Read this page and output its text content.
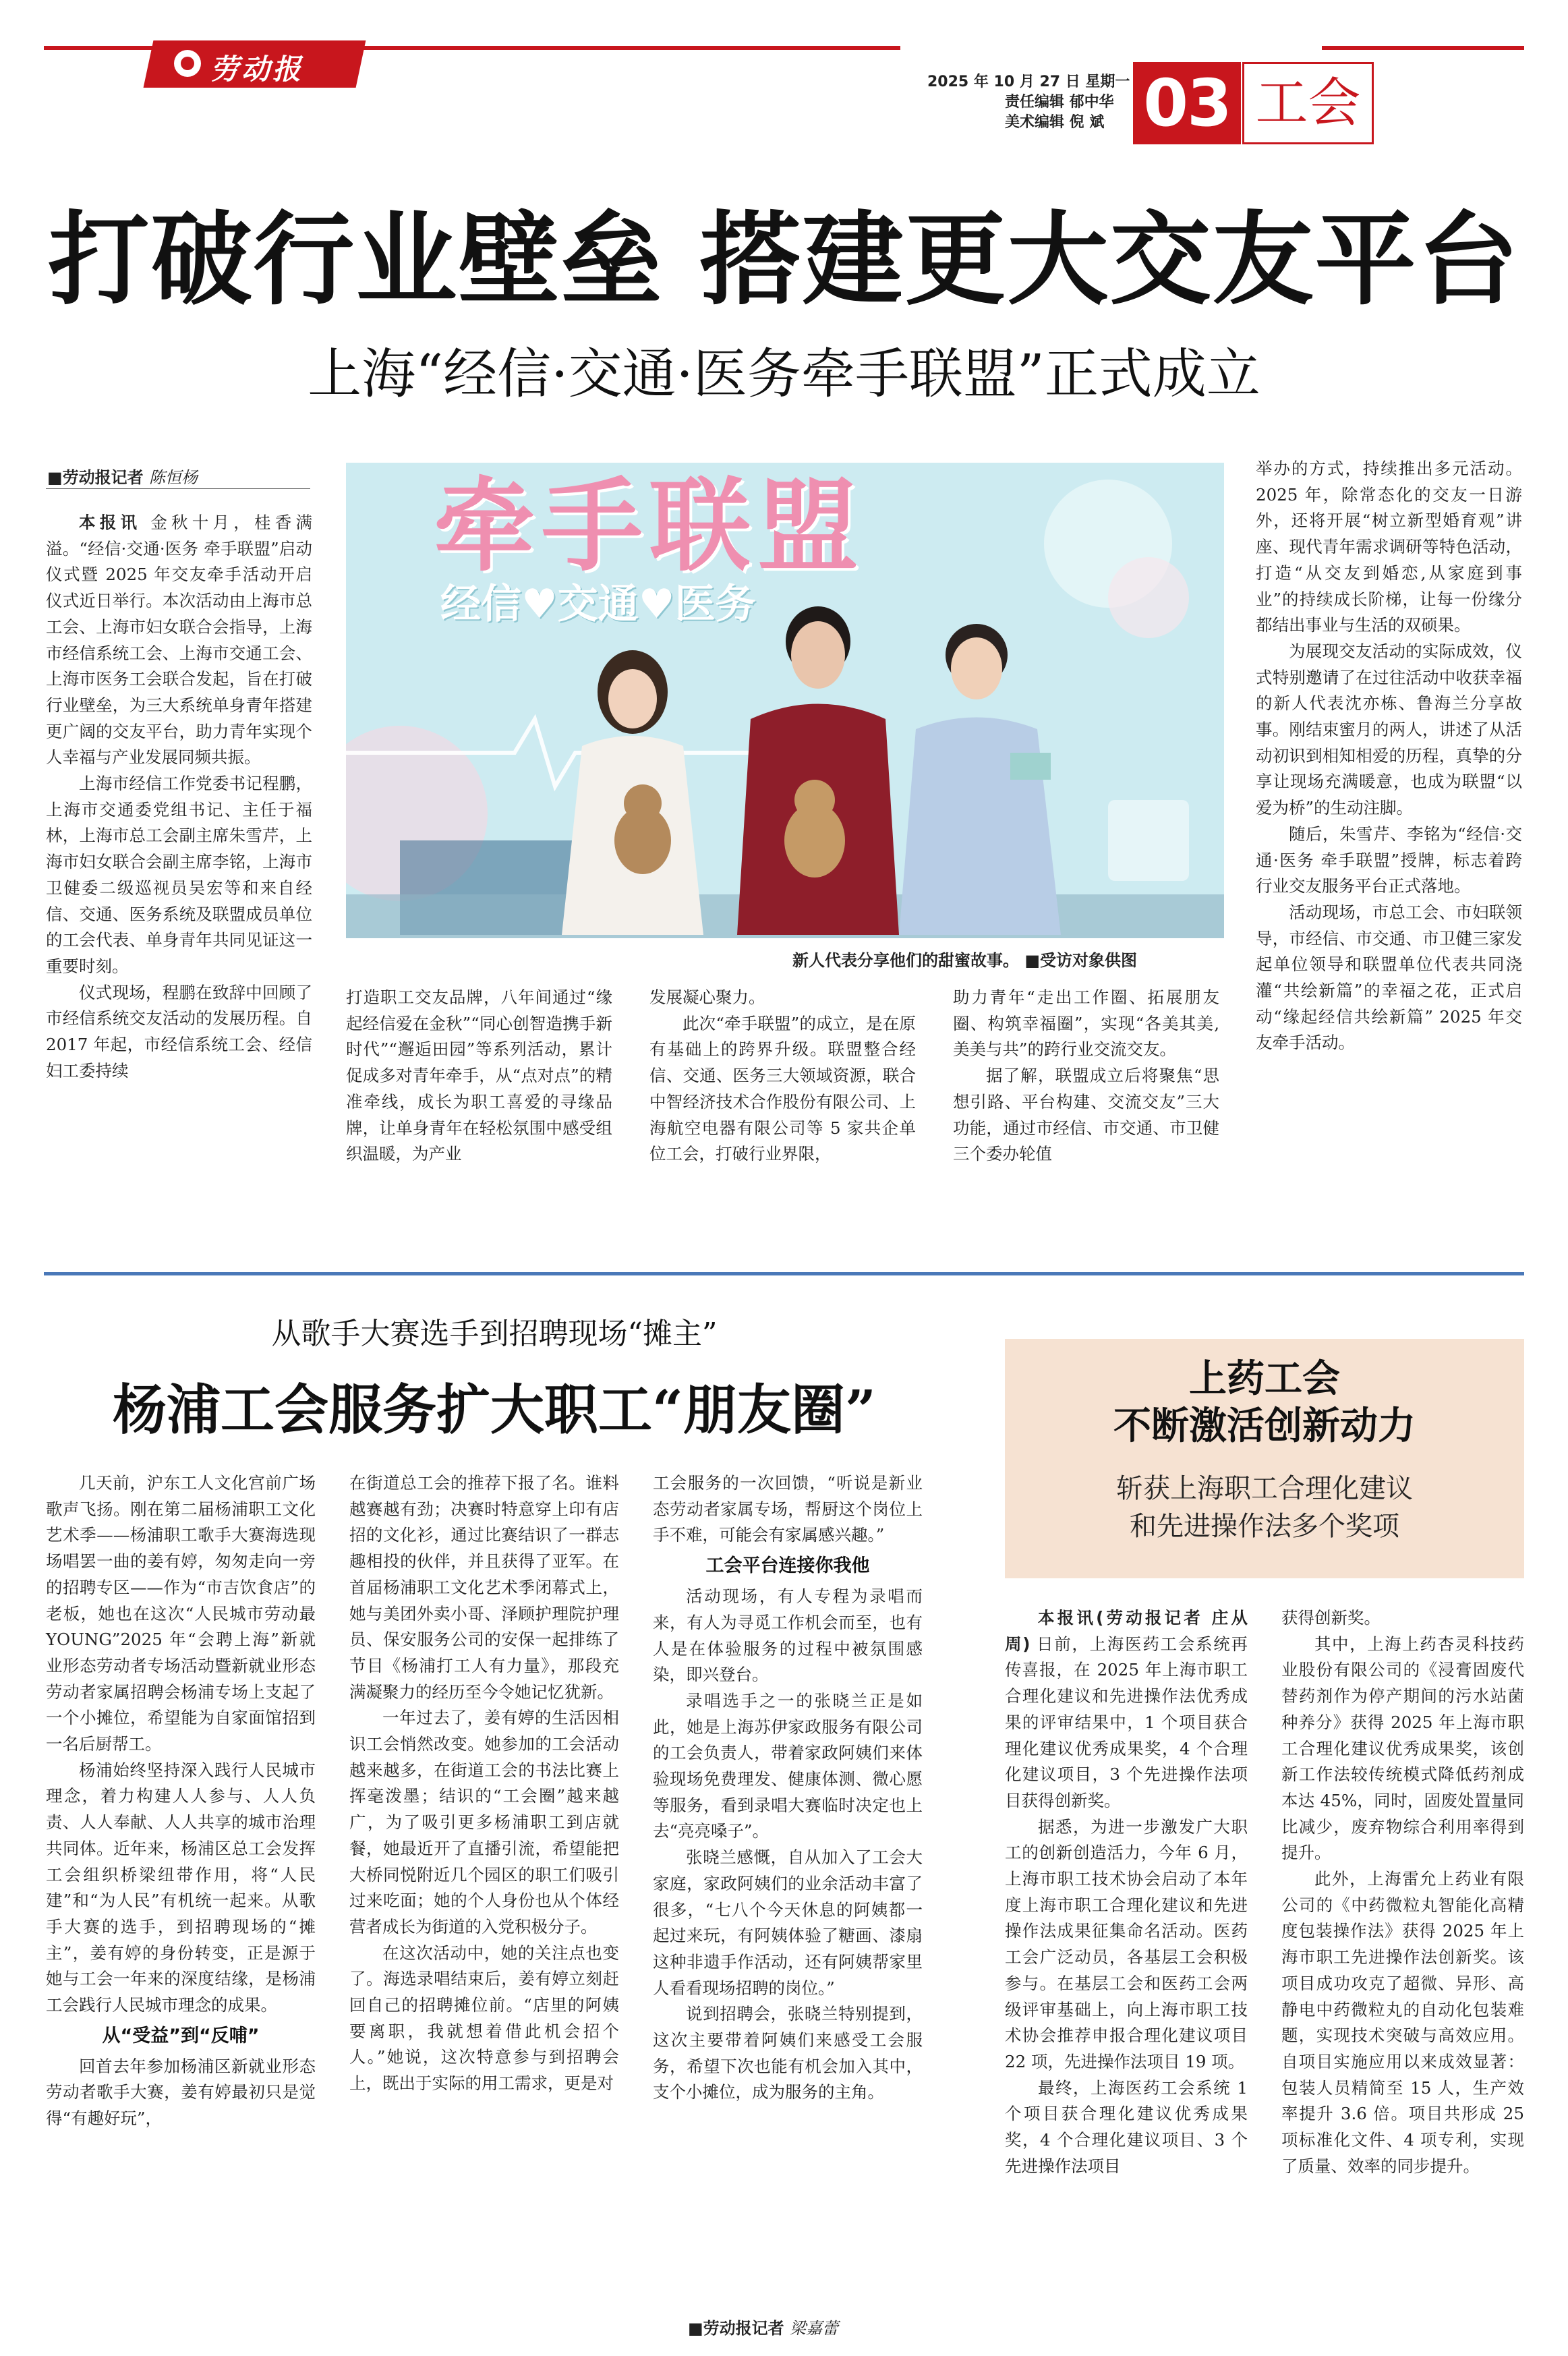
劳动报	2025 年 10 月 27 日 星期一
责任编辑 郁中华
美术编辑 倪 斌 03 工会
打破行业壁垒 搭建更大交友平台
上海“经信·交通·医务牵手联盟”正式成立
■劳动报记者 陈恒杨 牵手联盟
经信♥交通♥医务
新人代表分享他们的甜蜜故事。 ■受访对象供图

本报讯 金秋十月，桂香满溢。“经信·交通·医务 牵手联盟”启动仪式暨 2025 年交友牵手活动开启仪式近日举行。本次活动由上海市总工会、上海市妇女联合会指导，上海市经信系统工会、上海市交通工会、上海市医务工会联合发起，旨在打破行业壁垒，为三大系统单身青年搭建更广阔的交友平台，助力青年实现个人幸福与产业发展同频共振。

上海市经信工作党委书记程鹏，上海市交通委党组书记、主任于福林，上海市总工会副主席朱雪芹，上海市妇女联合会副主席李铭，上海市卫健委二级巡视员吴宏等和来自经信、交通、医务系统及联盟成员单位的工会代表、单身青年共同见证这一重要时刻。

仪式现场，程鹏在致辞中回顾了市经信系统交友活动的发展历程。自 2017 年起，市经信系统工会、经信妇工委持续

打造职工交友品牌，八年间通过“缘起经信爱在金秋”“同心创智造携手新时代”“邂逅田园”等系列活动，累计促成多对青年牵手，从“点对点”的精准牵线，成长为职工喜爱的寻缘品牌，让单身青年在轻松氛围中感受组织温暖，为产业

发展凝心聚力。

此次“牵手联盟”的成立，是在原有基础上的跨界升级。联盟整合经信、交通、医务三大领域资源，联合中智经济技术合作股份有限公司、上海航空电器有限公司等 5 家共企单位工会，打破行业界限，

助力青年“走出工作圈、拓展朋友圈、构筑幸福圈”，实现“各美其美,美美与共”的跨行业交流交友。

据了解，联盟成立后将聚焦“思想引路、平台构建、交流交友”三大功能，通过市经信、市交通、市卫健三个委办轮值

举办的方式，持续推出多元活动。2025 年，除常态化的交友一日游外，还将开展“树立新型婚育观”讲座、现代青年需求调研等特色活动，打造“从交友到婚恋,从家庭到事业”的持续成长阶梯，让每一份缘分都结出事业与生活的双硕果。

为展现交友活动的实际成效，仪式特别邀请了在过往活动中收获幸福的新人代表沈亦栋、鲁海兰分享故事。刚结束蜜月的两人，讲述了从活动初识到相知相爱的历程，真挚的分享让现场充满暖意，也成为联盟“以爱为桥”的生动注脚。

随后，朱雪芹、李铭为“经信·交通·医务 牵手联盟”授牌，标志着跨行业交友服务平台正式落地。

活动现场，市总工会、市妇联领导，市经信、市交通、市卫健三家发起单位领导和联盟单位代表共同浇灌“共绘新篇”的幸福之花，正式启动“缘起经信共绘新篇” 2025 年交友牵手活动。

从歌手大赛选手到招聘现场“摊主”
杨浦工会服务扩大职工“朋友圈”

几天前，沪东工人文化宫前广场歌声飞扬。刚在第二届杨浦职工文化艺术季——杨浦职工歌手大赛海选现场唱罢一曲的姜有婷，匆匆走向一旁的招聘专区——作为“市吉饮食店”的老板，她也在这次“人民城市劳动最 YOUNG”2025 年“会聘上海”新就业形态劳动者专场活动暨新就业形态劳动者家属招聘会杨浦专场上支起了一个小摊位，希望能为自家面馆招到一名后厨帮工。

杨浦始终坚持深入践行人民城市理念，着力构建人人参与、人人负责、人人奉献、人人共享的城市治理共同体。近年来，杨浦区总工会发挥工会组织桥梁纽带作用，将“人民建”和“为人民”有机统一起来。从歌手大赛的选手，到招聘现场的“摊主”，姜有婷的身份转变，正是源于她与工会一年来的深度结缘，是杨浦工会践行人民城市理念的成果。

从“受益”到“反哺”

回首去年参加杨浦区新就业形态劳动者歌手大赛，姜有婷最初只是觉得“有趣好玩”，

在街道总工会的推荐下报了名。谁料越赛越有劲；决赛时特意穿上印有店招的文化衫，通过比赛结识了一群志趣相投的伙伴，并且获得了亚军。在首届杨浦职工文化艺术季闭幕式上，她与美团外卖小哥、泽顾护理院护理员、保安服务公司的安保一起排练了节目《杨浦打工人有力量》，那段充满凝聚力的经历至今令她记忆犹新。

一年过去了，姜有婷的生活因相识工会悄然改变。她参加的工会活动越来越多，在街道工会的书法比赛上挥毫泼墨；结识的“工会圈”越来越广，为了吸引更多杨浦职工到店就餐，她最近开了直播引流，希望能把大桥同悦附近几个园区的职工们吸引过来吃面；她的个人身份也从个体经营者成长为街道的入党积极分子。

在这次活动中，她的关注点也变了。海选录唱结束后，姜有婷立刻赶回自己的招聘摊位前。“店里的阿姨要离职，我就想着借此机会招个人。”她说，这次特意参与到招聘会上，既出于实际的用工需求，更是对

工会服务的一次回馈，“听说是新业态劳动者家属专场，帮厨这个岗位上手不难，可能会有家属感兴趣。”

工会平台连接你我他

活动现场，有人专程为录唱而来，有人为寻觅工作机会而至，也有人是在体验服务的过程中被氛围感染，即兴登台。

录唱选手之一的张晓兰正是如此，她是上海苏伊家政服务有限公司的工会负责人，带着家政阿姨们来体验现场免费理发、健康体测、微心愿等服务，看到录唱大赛临时决定也上去“亮亮嗓子”。

张晓兰感慨，自从加入了工会大家庭，家政阿姨们的业余活动丰富了很多，“七八个今天休息的阿姨都一起过来玩，有阿姨体验了糖画、漆扇这种非遗手作活动，还有阿姨帮家里人看看现场招聘的岗位。”

说到招聘会，张晓兰特别提到，这次主要带着阿姨们来感受工会服务，希望下次也能有机会加入其中，支个小摊位，成为服务的主角。

■劳动报记者 梁嘉蕾
上药工会
不断激活创新动力
斩获上海职工合理化建议
和先进操作法多个奖项

本报讯(劳动报记者 庄从周) 日前，上海医药工会系统再传喜报，在 2025 年上海市职工合理化建议和先进操作法优秀成果的评审结果中，1 个项目获合理化建议优秀成果奖，4 个合理化建议项目，3 个先进操作法项目获得创新奖。

据悉，为进一步激发广大职工的创新创造活力，今年 6 月，上海市职工技术协会启动了本年度上海市职工合理化建议和先进操作法成果征集命名活动。医药工会广泛动员，各基层工会积极参与。在基层工会和医药工会两级评审基础上，向上海市职工技术协会推荐申报合理化建议项目 22 项，先进操作法项目 19 项。

最终，上海医药工会系统 1 个项目获合理化建议优秀成果奖，4 个合理化建议项目、3 个先进操作法项目

获得创新奖。

其中，上海上药杏灵科技药业股份有限公司的《浸膏固废代替药剂作为停产期间的污水站菌种养分》获得 2025 年上海市职工合理化建议优秀成果奖，该创新工作法较传统模式降低药剂成本达 45%，同时，固废处置量同比减少，废弃物综合利用率得到提升。

此外，上海雷允上药业有限公司的《中药微粒丸智能化高精度包装操作法》获得 2025 年上海市职工先进操作法创新奖。该项目成功攻克了超微、异形、高静电中药微粒丸的自动化包装难题，实现技术突破与高效应用。自项目实施应用以来成效显著：包装人员精简至 15 人，生产效率提升 3.6 倍。项目共形成 25 项标准化文件、4 项专利，实现了质量、效率的同步提升。
